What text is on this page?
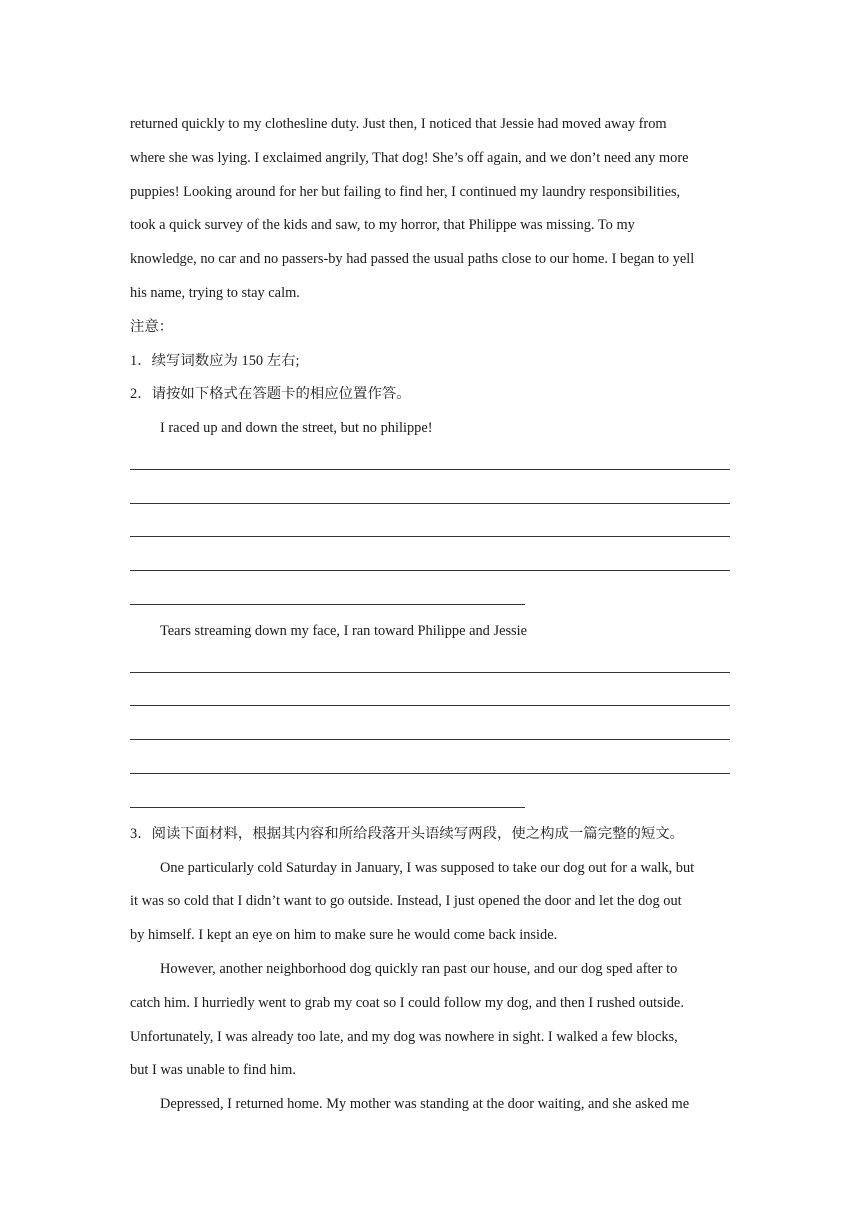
returned quickly to my clothesline duty. Just then, I noticed that Jessie had moved away from
where she was lying. I exclaimed angrily, That dog! She’s off again, and we don’t need any more
puppies! Looking around for her but failing to find her, I continued my laundry responsibilities,
took a quick survey of the kids and saw, to my horror, that Philippe was missing. To my
knowledge, no car and no passers-by had passed the usual paths close to our home. I began to yell
his name, trying to stay calm.
注意：
1．续写词数应为 150 左右;
2．请按如下格式在答题卡的相应位置作答。
I raced up and down the street, but no philippe!
Tears streaming down my face, I ran toward Philippe and Jessie
3．阅读下面材料，根据其内容和所给段落开头语续写两段，使之构成一篇完整的短文。
One particularly cold Saturday in January, I was supposed to take our dog out for a walk, but
it was so cold that I didn’t want to go outside. Instead, I just opened the door and let the dog out
by himself. I kept an eye on him to make sure he would come back inside.
However, another neighborhood dog quickly ran past our house, and our dog sped after to
catch him. I hurriedly went to grab my coat so I could follow my dog, and then I rushed outside.
Unfortunately, I was already too late, and my dog was nowhere in sight. I walked a few blocks,
but I was unable to find him.
Depressed, I returned home. My mother was standing at the door waiting, and she asked me
